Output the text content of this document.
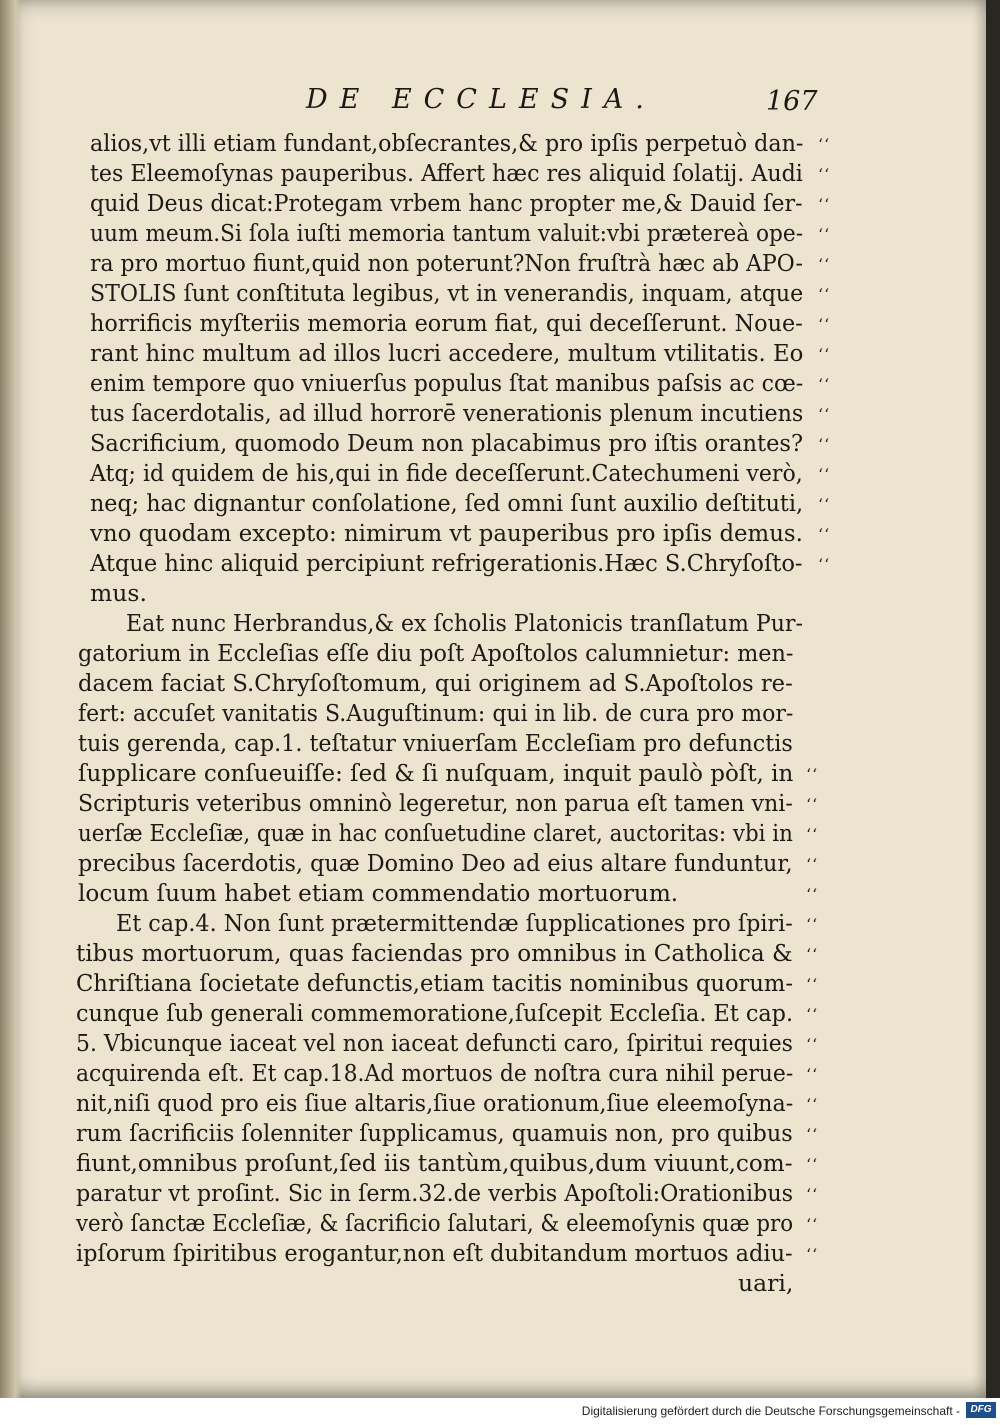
DE ECCLESIA.	167
alios,vt illi etiam fundant,obſecrantes,& pro ipſis perpetuò dan-
tes Eleemoſynas pauperibus. Affert hæc res aliquid ſolatij. Audi
quid Deus dicat:Protegam vrbem hanc propter me,& Dauid ſer-
uum meum.Si ſola iuſti memoria tantum valuit:vbi prætereà ope-
ra pro mortuo fiunt,quid non poterunt?Non fruſtrà hæc ab APO-
STOLIS ſunt conſtituta legibus, vt in venerandis, inquam, atque
horrificis myſteriis memoria eorum fiat, qui deceſſerunt. Noue-
rant hinc multum ad illos lucri accedere, multum vtilitatis. Eo
enim tempore quo vniuerſus populus ſtat manibus paſsis ac cœ-
tus ſacerdotalis, ad illud horrorē venerationis plenum incutiens
Sacrificium, quomodo Deum non placabimus pro iſtis orantes?
Atq; id quidem de his,qui in fide deceſſerunt.Catechumeni verò,
neq; hac dignantur conſolatione, ſed omni ſunt auxilio deſtituti,
vno quodam excepto: nimirum vt pauperibus pro ipſis demus.
Atque hinc aliquid percipiunt refrigerationis.Hæc S.Chryſoſto-
mus.
Eat nunc Herbrandus,& ex ſcholis Platonicis tranſlatum Pur-
gatorium in Eccleſias eſſe diu poſt Apoſtolos calumnietur: men-
dacem faciat S.Chryſoſtomum, qui originem ad S.Apoſtolos re-
fert: accuſet vanitatis S.Auguſtinum: qui in lib. de cura pro mor-
tuis gerenda, cap.1. teſtatur vniuerſam Eccleſiam pro defunctis
ſupplicare conſueuiſſe: ſed & ſi nuſquam, inquit paulò pòſt, in
Scripturis veteribus omninò legeretur, non parua eſt tamen vni-
uerſæ Eccleſiæ, quæ in hac conſuetudine claret, auctoritas: vbi in
precibus ſacerdotis, quæ Domino Deo ad eius altare funduntur,
locum ſuum habet etiam commendatio mortuorum.
Et cap.4. Non ſunt prætermittendæ ſupplicationes pro ſpiri-
tibus mortuorum, quas faciendas pro omnibus in Catholica &
Chriſtiana ſocietate defunctis,etiam tacitis nominibus quorum-
cunque ſub generali commemoratione,ſuſcepit Eccleſia. Et cap.
5. Vbicunque iaceat vel non iaceat defuncti caro, ſpiritui requies
acquirenda eſt. Et cap.18.Ad mortuos de noſtra cura nihil perue-
nit,niſi quod pro eis ſiue altaris,ſiue orationum,ſiue eleemoſyna-
rum ſacrificiis ſolenniter ſupplicamus, quamuis non, pro quibus
fiunt,omnibus proſunt,ſed iis tantùm,quibus,dum viuunt,com-
paratur vt proſint. Sic in ſerm.32.de verbis Apoſtoli:Orationibus
verò ſanctæ Eccleſiæ, & ſacrificio ſalutari, & eleemoſynis quæ pro
ipſorum ſpiritibus erogantur,non eſt dubitandum mortuos adiu-
uari,
‘‘
‘‘
‘‘
‘‘
‘‘
‘‘
‘‘
‘‘
‘‘
‘‘
‘‘
‘‘
‘‘
‘‘
‘‘
‘‘
‘‘
‘‘
‘‘
‘‘
‘‘
‘‘
‘‘
‘‘
‘‘
‘‘
‘‘
‘‘
‘‘
‘‘
‘‘
‘‘
Digitalisierung gefördert durch die Deutsche Forschungsgemeinschaft -	DFG
